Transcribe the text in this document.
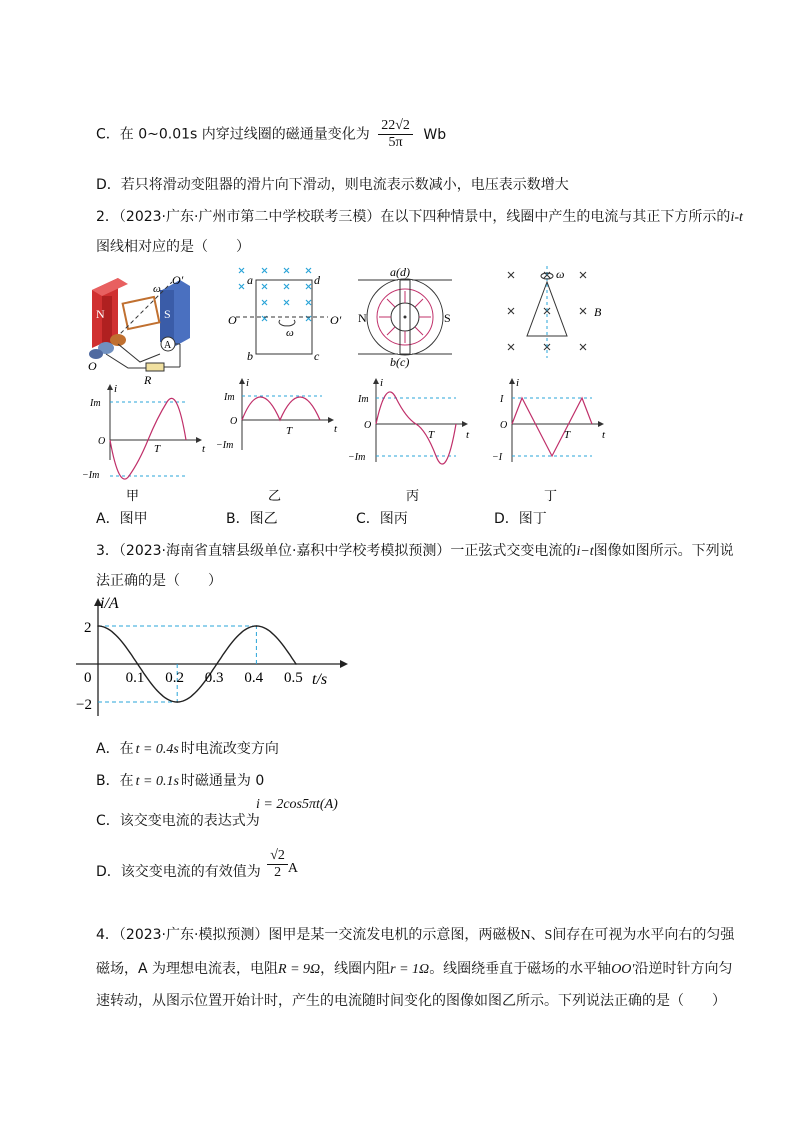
C．在 0~0.01s 内穿过线圈的磁通量变化为 $\frac{22√2}{5\pi}$ Wb
D．若只将滑动变阻器的滑片向下滑动，则电流表示数减小，电压表示数增大
2．（2023·广东·广州市第二中学校联考三模）在以下四种情景中，线圈中产生的电流与其正下方所示的i-t
图线相对应的是（　　）
N	S
O′
ω
A
O
R
a	d
b	c
O	O′
ω
a(d)
b(c)
N	S
ω
B
i
t
O
Im
−Im
T
i
t
O
Im
−Im
T
i
t
O
Im
−Im
T
i
t
O
I
−I
T
甲	乙	丙	丁
A．图甲	B．图乙	C．图丙	D．图丁
3．（2023·海南省直辖县级单位·嘉积中学校考模拟预测）一正弦式交变电流的i−t图像如图所示。下列说
法正确的是（　　）
i/A
t/s
2
−2
0 0.1 0.2 0.3 0.4 0.5
A．在 t = 0.4s 时电流改变方向
B．在 t = 0.1s 时磁通量为 0
i = 2cos5πt(A)
C．该交变电流的表达式为
D．该交变电流的有效值为 $\frac{√2}{2}$ A
4．（2023·广东·模拟预测）图甲是某一交流发电机的示意图，两磁极N、S间存在可视为水平向右的匀强
磁场，A 为理想电流表，电阻R = 9Ω，线圈内阻r = 1Ω。线圈绕垂直于磁场的水平轴OO′沿逆时针方向匀
速转动，从图示位置开始计时，产生的电流随时间变化的图像如图乙所示。下列说法正确的是（　　）
